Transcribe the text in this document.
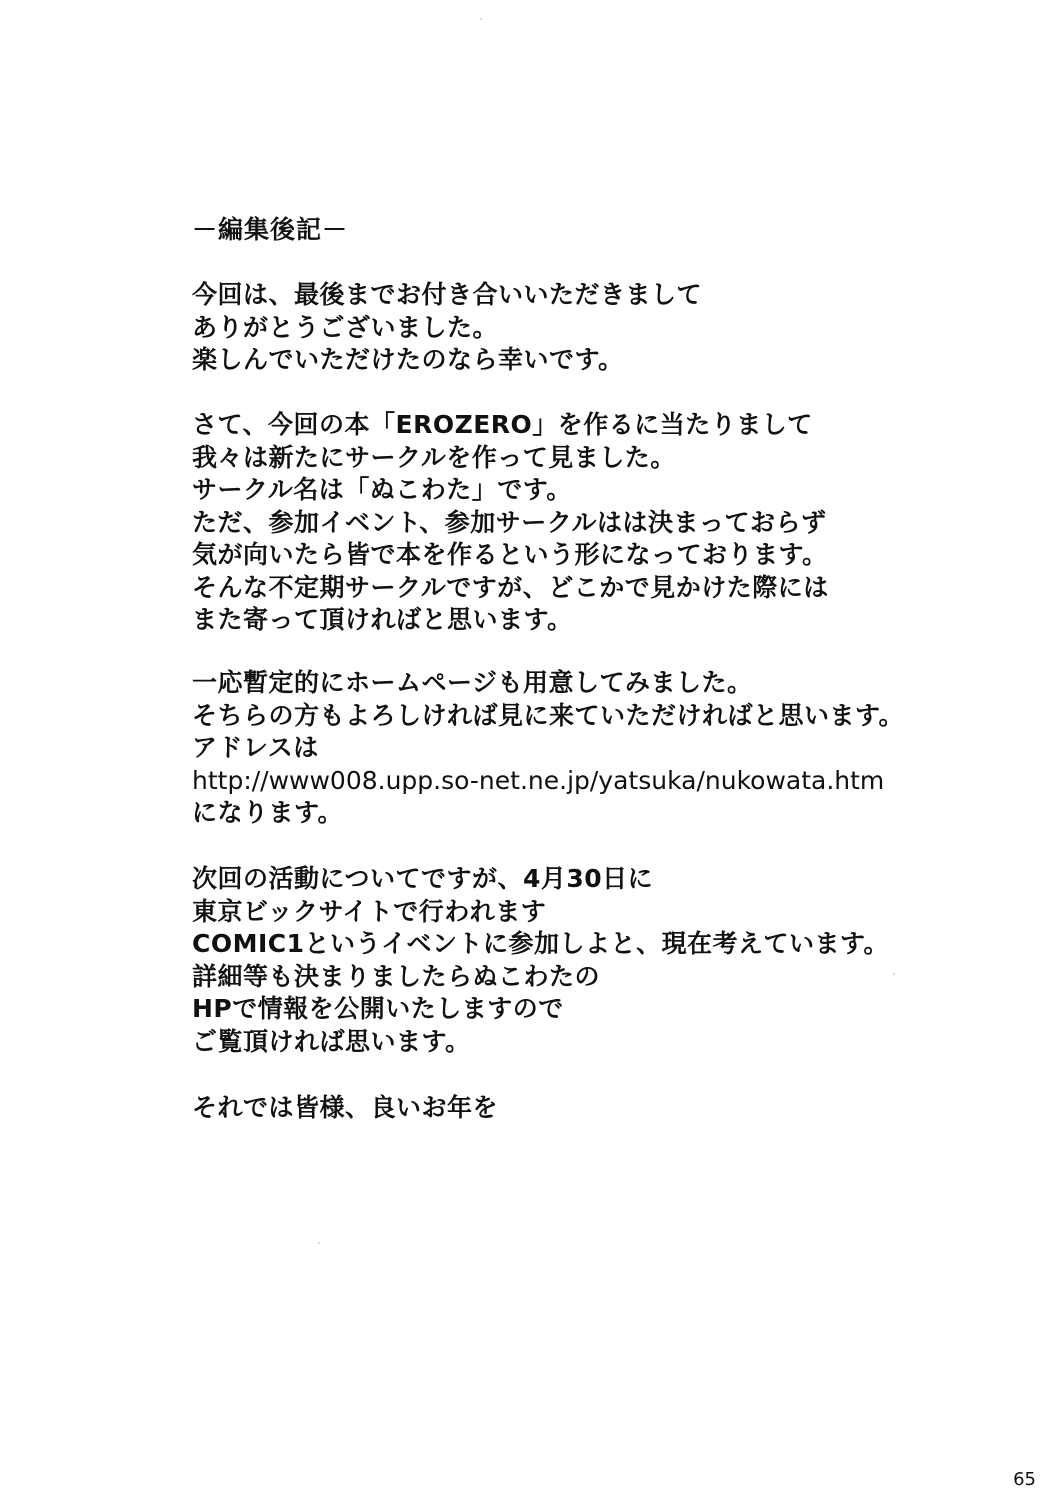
－編集後記－
今回は、最後までお付き合いいただきまして
ありがとうございました。
楽しんでいただけたのなら幸いです。
さて、今回の本「EROZERO」を作るに当たりまして
我々は新たにサークルを作って見ました。
サークル名は「ぬこわた」です。
ただ、参加イベント、参加サークルはは決まっておらず
気が向いたら皆で本を作るという形になっております。
そんな不定期サークルですが、どこかで見かけた際には
また寄って頂ければと思います。
一応暫定的にホームページも用意してみました。
そちらの方もよろしければ見に来ていただければと思います。
アドレスは
http://www008.upp.so-net.ne.jp/yatsuka/nukowata.htm
になります。
次回の活動についてですが、4月30日に
東京ビックサイトで行われます
COMIC1というイベントに参加しよと、現在考えています。
詳細等も決まりましたらぬこわたの
HPで情報を公開いたしますので
ご覧頂ければ思います。
それでは皆様、良いお年を
65
